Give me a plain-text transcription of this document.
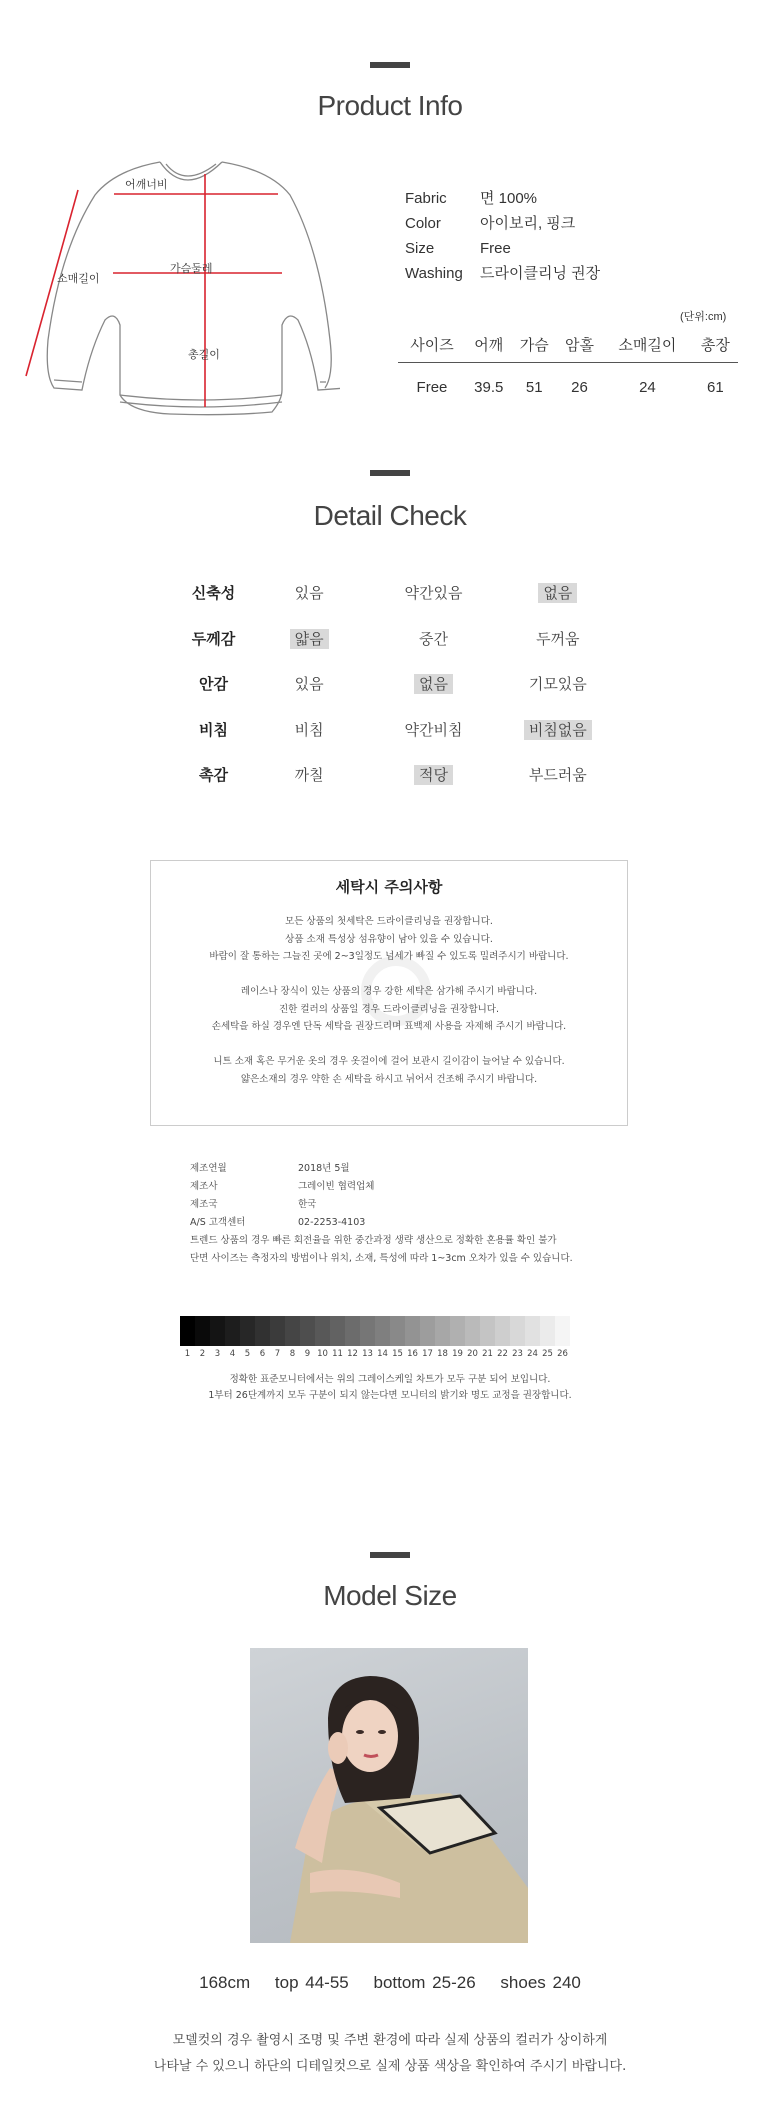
Product Info
어깨너비
소매길이
가슴둘레
총길이
Fabric	면 100%
Color	아이보리, 핑크
Size	Free
Washing	드라이클리닝 권장
(단위:cm)
사이즈	어깨	가슴	암홀	소매길이	총장
Free	39.5	51	26	24	61
Detail Check
신축성	있음	약간있음	없음
두께감	얇음	중간	두꺼움
안감	있음	없음	기모있음
비침	비침	약간비침	비침없음
촉감	까칠	적당	부드러움
세탁시 주의사항

모든 상품의 첫세탁은 드라이클리닝을 권장합니다.

상품 소재 특성상 섬유향이 남아 있을 수 있습니다.

바람이 잘 통하는 그늘진 곳에 2~3일정도 넘세가 빠질 수 있도록 밀려주시기 바랍니다.

레이스나 장식이 있는 상품의 경우 강한 세탁은 삼가해 주시기 바랍니다.

진한 컬러의 상품일 경우 드라이클리닝을 권장합니다.

손세탁을 하실 경우엔 단독 세탁을 권장드리며 표백제 사용을 자제해 주시기 바랍니다.

니트 소재 혹은 무거운 옷의 경우 옷걸이에 걸어 보관시 길이감이 늘어날 수 있습니다.

얇은소재의 경우 약한 손 세탁을 하시고 뉘어서 건조해 주시기 바랍니다.

제조연월	2018년 5월
제조사	그레이빈 협력업체
제조국	한국
A/S 고객센터	02-2253-4103
트렌드 상품의 경우 빠른 회전율을 위한 중간과정 생략 생산으로 정확한 혼용률 확인 불가
단면 사이즈는 측정자의 방법이나 위치, 소재, 특성에 따라 1~3cm 오차가 있을 수 있습니다.
1	2	3	4	5	6	7	8	9 10 11 12 13 14 15 16 17 18 19 20 21 22 23 24 25 26
정확한 표준모니터에서는 위의 그레이스케일 차트가 모두 구분 되어 보입니다.
1부터 26단계까지 모두 구분이 되지 않는다면 모니터의 밝기와 명도 교정을 권장합니다.
Model Size
168cm top 44-55 bottom 25-26 shoes 240
모델컷의 경우 촬영시 조명 및 주변 환경에 따라 실제 상품의 컬러가 상이하게
나타날 수 있으니 하단의 디테일컷으로 실제 상품 색상을 확인하여 주시기 바랍니다.
